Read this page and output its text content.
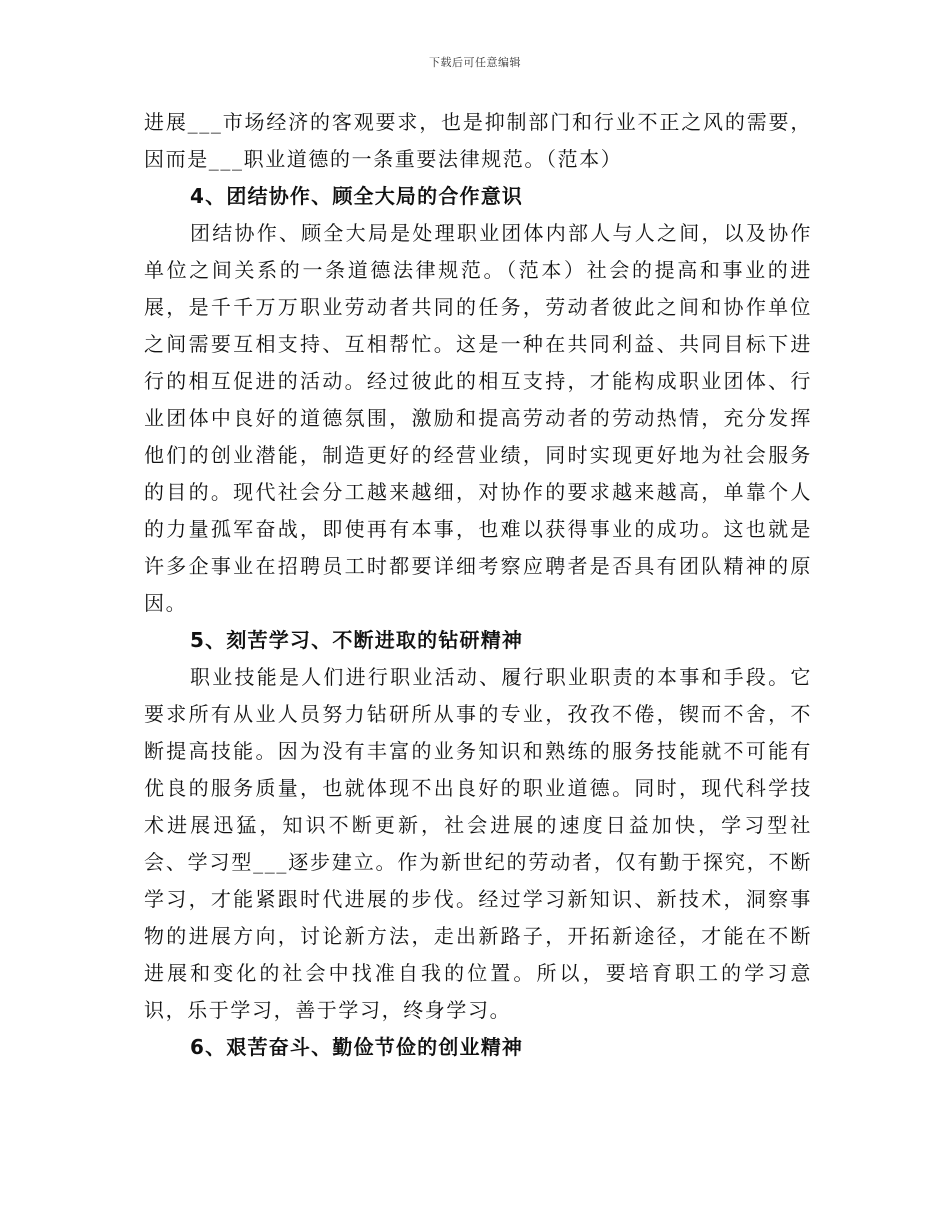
下载后可任意编辑

进展___市场经济的客观要求，也是抑制部门和行业不正之风的需要，因而是___职业道德的一条重要法律规范。（范本）

4、团结协作、顾全大局的合作意识

团结协作、顾全大局是处理职业团体内部人与人之间，以及协作单位之间关系的一条道德法律规范。（范本）社会的提高和事业的进展，是千千万万职业劳动者共同的任务，劳动者彼此之间和协作单位之间需要互相支持、互相帮忙。这是一种在共同利益、共同目标下进行的相互促进的活动。经过彼此的相互支持，才能构成职业团体、行业团体中良好的道德氛围，激励和提高劳动者的劳动热情，充分发挥他们的创业潜能，制造更好的经营业绩，同时实现更好地为社会服务的目的。现代社会分工越来越细，对协作的要求越来越高，单靠个人的力量孤军奋战，即使再有本事，也难以获得事业的成功。这也就是许多企事业在招聘员工时都要详细考察应聘者是否具有团队精神的原因。

5、刻苦学习、不断进取的钻研精神

职业技能是人们进行职业活动、履行职业职责的本事和手段。它要求所有从业人员努力钻研所从事的专业，孜孜不倦，锲而不舍，不断提高技能。因为没有丰富的业务知识和熟练的服务技能就不可能有优良的服务质量，也就体现不出良好的职业道德。同时，现代科学技术进展迅猛，知识不断更新，社会进展的速度日益加快，学习型社会、学习型___逐步建立。作为新世纪的劳动者，仅有勤于探究，不断学习，才能紧跟时代进展的步伐。经过学习新知识、新技术，洞察事物的进展方向，讨论新方法，走出新路子，开拓新途径，才能在不断进展和变化的社会中找准自我的位置。所以，要培育职工的学习意识，乐于学习，善于学习，终身学习。

6、艰苦奋斗、勤俭节俭的创业精神
